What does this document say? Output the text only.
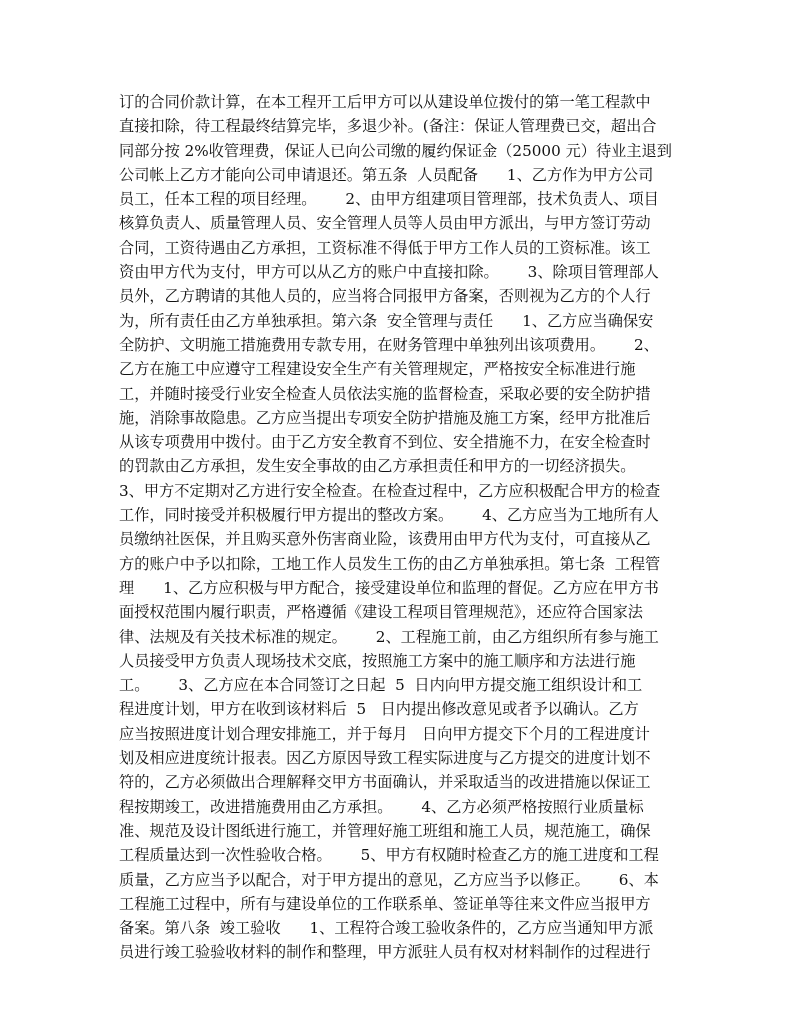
订的合同价款计算，在本工程开工后甲方可以从建设单位拨付的第一笔工程款中
直接扣除，待工程最终结算完毕，多退少补。(备注：保证人管理费已交，超出合
同部分按 2%收管理费，保证人已向公司缴的履约保证金（25000 元）待业主退到
公司帐上乙方才能向公司申请退还。第五条  人员配备      1、乙方作为甲方公司
员工，任本工程的项目经理。      2、由甲方组建项目管理部，技术负责人、项目
核算负责人、质量管理人员、安全管理人员等人员由甲方派出，与甲方签订劳动
合同，工资待遇由乙方承担，工资标准不得低于甲方工作人员的工资标准。该工
资由甲方代为支付，甲方可以从乙方的账户中直接扣除。      3、除项目管理部人
员外，乙方聘请的其他人员的，应当将合同报甲方备案，否则视为乙方的个人行
为，所有责任由乙方单独承担。第六条  安全管理与责任      1、乙方应当确保安
全防护、文明施工措施费用专款专用，在财务管理中单独列出该项费用。      2、
乙方在施工中应遵守工程建设安全生产有关管理规定，严格按安全标准进行施
工，并随时接受行业安全检查人员依法实施的监督检查，采取必要的安全防护措
施，消除事故隐患。乙方应当提出专项安全防护措施及施工方案，经甲方批准后
从该专项费用中拨付。由于乙方安全教育不到位、安全措施不力，在安全检查时
的罚款由乙方承担，发生安全事故的由乙方承担责任和甲方的一切经济损失。
3、甲方不定期对乙方进行安全检查。在检查过程中，乙方应积极配合甲方的检查
工作，同时接受并积极履行甲方提出的整改方案。      4、乙方应当为工地所有人
员缴纳社医保，并且购买意外伤害商业险，该费用由甲方代为支付，可直接从乙
方的账户中予以扣除，工地工作人员发生工伤的由乙方单独承担。第七条  工程管
理      1、乙方应积极与甲方配合，接受建设单位和监理的督促。乙方应在甲方书
面授权范围内履行职责，严格遵循《建设工程项目管理规范》，还应符合国家法
律、法规及有关技术标准的规定。      2、工程施工前，由乙方组织所有参与施工
人员接受甲方负责人现场技术交底，按照施工方案中的施工顺序和方法进行施
工。      3、乙方应在本合同签订之日起  5  日内向甲方提交施工组织设计和工
程进度计划，甲方在收到该材料后  5   日内提出修改意见或者予以确认。乙方
应当按照进度计划合理安排施工，并于每月   日向甲方提交下个月的工程进度计
划及相应进度统计报表。因乙方原因导致工程实际进度与乙方提交的进度计划不
符的，乙方必须做出合理解释交甲方书面确认，并采取适当的改进措施以保证工
程按期竣工，改进措施费用由乙方承担。      4、乙方必须严格按照行业质量标
准、规范及设计图纸进行施工，并管理好施工班组和施工人员，规范施工，确保
工程质量达到一次性验收合格。      5、甲方有权随时检查乙方的施工进度和工程
质量，乙方应当予以配合，对于甲方提出的意见，乙方应当予以修正。      6、本
工程施工过程中，所有与建设单位的工作联系单、签证单等往来文件应当报甲方
备案。第八条  竣工验收      1、工程符合竣工验收条件的，乙方应当通知甲方派
员进行竣工验验收材料的制作和整理，甲方派驻人员有权对材料制作的过程进行
